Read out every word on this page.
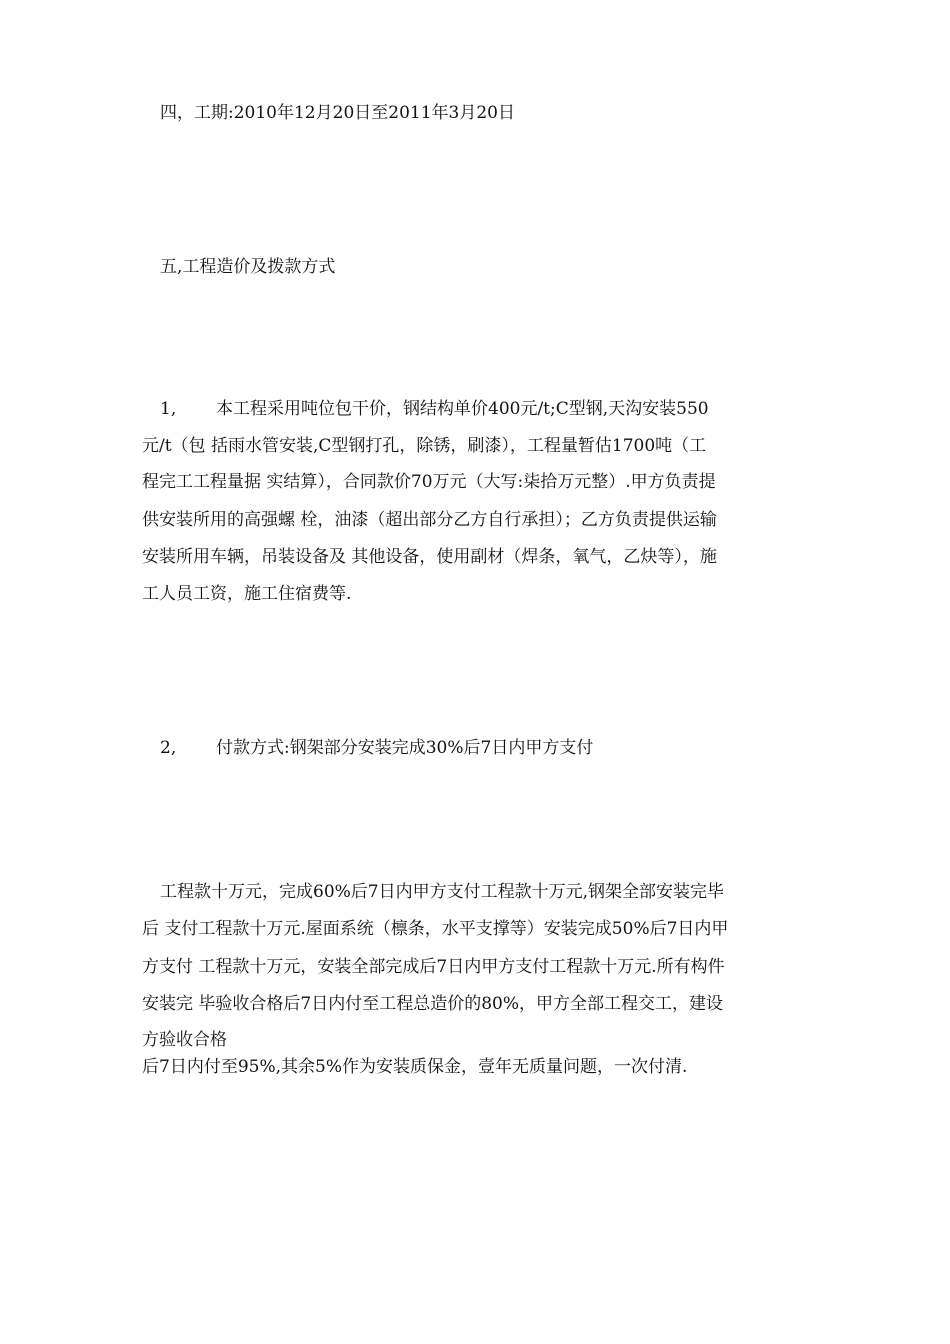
四，工期:2010年12月20日至2011年3月20日
五,工程造价及拨款方式
1, 本工程采用吨位包干价，钢结构单价400元/t;C型钢,天沟安装550
元/t（包 括雨水管安装,C型钢打孔，除锈，刷漆），工程量暂估1700吨（工
程完工工程量据 实结算），合同款价70万元（大写:柒拾万元整）.甲方负责提
供安装所用的高强螺 栓，油漆（超出部分乙方自行承担）；乙方负责提供运输
安装所用车辆，吊装设备及 其他设备，使用副材（焊条，氧气，乙炔等），施
工人员工资，施工住宿费等.
2, 付款方式:钢架部分安装完成30%后7日内甲方支付
工程款十万元，完成60%后7日内甲方支付工程款十万元,钢架全部安装完毕
后 支付工程款十万元.屋面系统（檩条，水平支撑等）安装完成50%后7日内甲
方支付 工程款十万元，安装全部完成后7日内甲方支付工程款十万元.所有构件
安装完 毕验收合格后7日内付至工程总造价的80%，甲方全部工程交工，建设
方验收合格
后7日内付至95%,其余5%作为安装质保金，壹年无质量问题，一次付清.
